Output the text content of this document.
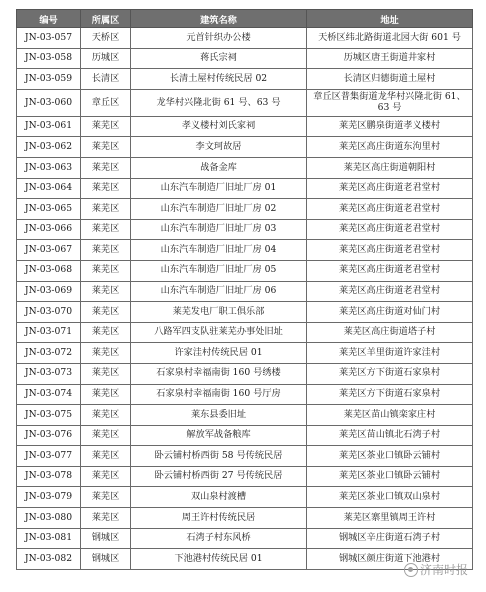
编号	所属区	建筑名称	地址
JN-03-057	天桥区	元首针织办公楼	天桥区纬北路街道北园大街 601 号
JN-03-058	历城区	蒋氏宗祠	历城区唐王街道井家村
JN-03-059	长清区	长清土屋村传统民居 02	长清区归德街道土屋村
JN-03-060	章丘区	龙华村兴隆北街 61 号、63 号	章丘区普集街道龙华村兴隆北街 61、63 号
JN-03-061	莱芜区	孝义楼村刘氏家祠	莱芜区鹏泉街道孝义楼村
JN-03-062	莱芜区	李文珂故居	莱芜区高庄街道东泃里村
JN-03-063	莱芜区	战备金库	莱芜区高庄街道朝阳村
JN-03-064	莱芜区	山东汽车制造厂旧址厂房 01	莱芜区高庄街道老君堂村
JN-03-065	莱芜区	山东汽车制造厂旧址厂房 02	莱芜区高庄街道老君堂村
JN-03-066	莱芜区	山东汽车制造厂旧址厂房 03	莱芜区高庄街道老君堂村
JN-03-067	莱芜区	山东汽车制造厂旧址厂房 04	莱芜区高庄街道老君堂村
JN-03-068	莱芜区	山东汽车制造厂旧址厂房 05	莱芜区高庄街道老君堂村
JN-03-069	莱芜区	山东汽车制造厂旧址厂房 06	莱芜区高庄街道老君堂村
JN-03-070	莱芜区	莱芜发电厂职工俱乐部	莱芜区高庄街道对仙门村
JN-03-071	莱芜区	八路军四支队驻莱芜办事处旧址	莱芜区高庄街道塔子村
JN-03-072	莱芜区	许家洼村传统民居 01	莱芜区羊里街道许家洼村
JN-03-073	莱芜区	石家泉村幸福南街 160 号绣楼	莱芜区方下街道石家泉村
JN-03-074	莱芜区	石家泉村幸福南街 160 号厅房	莱芜区方下街道石家泉村
JN-03-075	莱芜区	莱东县委旧址	莱芜区苗山镇栾家庄村
JN-03-076	莱芜区	解放军战备粮库	莱芜区苗山镇北石湾子村
JN-03-077	莱芜区	卧云铺村桥西街 58 号传统民居	莱芜区茶业口镇卧云铺村
JN-03-078	莱芜区	卧云铺村桥西街 27 号传统民居	莱芜区茶业口镇卧云铺村
JN-03-079	莱芜区	双山泉村渡槽	莱芜区茶业口镇双山泉村
JN-03-080	莱芜区	周王许村传统民居	莱芜区寨里镇周王许村
JN-03-081	钢城区	石湾子村东风桥	钢城区辛庄街道石湾子村
JN-03-082	钢城区	下池港村传统民居 01	钢城区颜庄街道下池港村
济南时报
